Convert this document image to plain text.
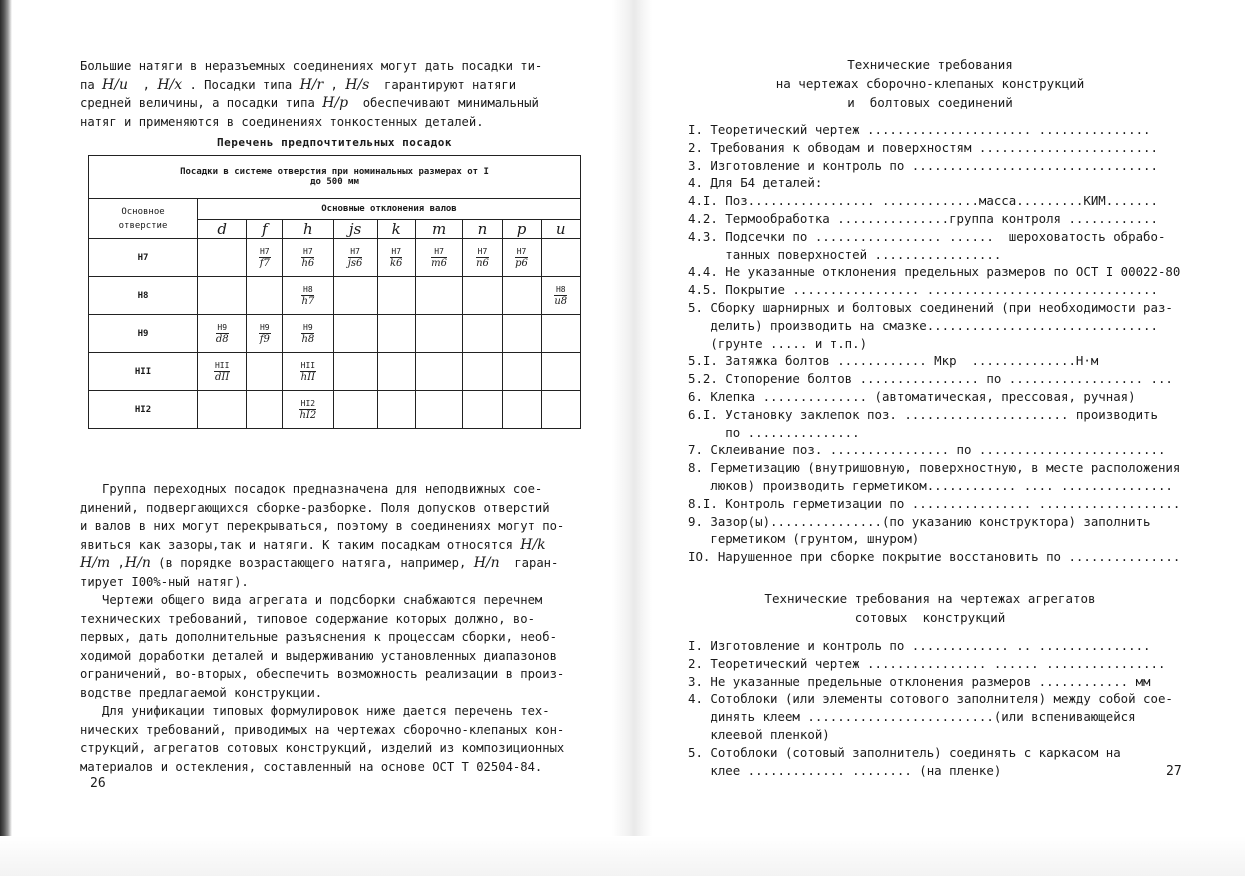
Большие натяги в неразъемных соединениях могут дать посадки ти-
па H/u  , H/x . Посадки типа H/r , H/s  гарантируют натяги
средней величины, а посадки типа H/p  обеспечивают минимальный
натяг и применяются в соединениях тонкостенных деталей.
Перечень предпочтительных посадок
Посадки в системе отверстия при номинальных размерах от I до 500 мм									

Основное
отверстие	Основные отклонения валов								
	d	f	h	js	k	m	n	p	u
H7		$\frac{H7}{f7}$	$\frac{H7}{h6}$	$\frac{H7}{js6}$	$\frac{H7}{k6}$	$\frac{H7}{m6}$	$\frac{H7}{n6}$	$\frac{H7}{p6}$

H8			$\frac{H8}{h7}$						$\frac{H8}{u8}$

H9	$\frac{H9}{d8}$	$\frac{H9}{f9}$	$\frac{H9}{h8}$

HII	$\frac{\text{HII}}{\text{dII}}$		$\frac{\text{HII}}{\text{hII}}$

HI2			$\frac{HI2}{hI2}$

Группа переходных посадок предназначена для неподвижных сое-
динений, подвергающихся сборке-разборке. Поля допусков отверстий
и валов в них могут перекрываться, поэтому в соединениях могут по-
явиться как зазоры,так и натяги. К таким посадкам относятся H/k
H/m ,H/n (в порядке возрастающего натяга, например, H/n  гаран-
тирует I00%-ный натяг).
Чертежи общего вида агрегата и подсборки снабжаются перечнем
технических требований, типовое содержание которых должно, во-
первых, дать дополнительные разъяснения к процессам сборки, необ-
ходимой доработки деталей и выдерживанию установленных диапазонов
ограничений, во-вторых, обеспечить возможность реализации в произ-
водстве предлагаемой конструкции.
Для унификации типовых формулировок ниже дается перечень тех-
нических требований, приводимых на чертежах сборочно-клепаных кон-
струкций, агрегатов сотовых конструкций, изделий из композиционных
материалов и остекления, составленный на основе ОСТ Т 02504-84.
26
Технические требования
на чертежах сборочно-клепаных конструкций
и  болтовых соединений
I. Теоретический чертеж ...................... ...............
2. Требования к обводам и поверхностям ........................
3. Изготовление и контроль по .................................
4. Для Б4 деталей:
4.I. Поз................. .............масса.........КИМ.......
4.2. Термообработка ...............группа контроля ............
4.3. Подсечки по ................. ......  шероховатость обрабо-
танных поверхностей .................
4.4. Не указанные отклонения предельных размеров по ОСТ I 00022-80
4.5. Покрытие ................. ...............................
5. Сборку шарнирных и болтовых соединений (при необходимости раз-
делить) производить на смазке...............................
(грунте ..... и т.п.)
5.I. Затяжка болтов ............ Mкр  ..............Н·м
5.2. Стопорение болтов ................ по .................. ...
6. Клепка .............. (автоматическая, прессовая, ручная)
6.I. Установку заклепок поз. ...................... производить
по ...............
7. Склеивание поз. ................ по .........................
8. Герметизацию (внутришовную, поверхностную, в месте расположения
люков) производить герметиком............ .... ...............
8.I. Контроль герметизации по ................ ...................
9. Зазор(ы)...............(по указанию конструктора) заполнить
герметиком (грунтом, шнуром)
IO. Нарушенное при сборке покрытие восстановить по ...............
Технические требования на чертежах агрегатов
сотовых  конструкций
I. Изготовление и контроль по ............. .. ...............
2. Теоретический чертеж ................ ...... ................
3. Не указанные предельные отклонения размеров ............ мм
4. Сотоблоки (или элементы сотового заполнителя) между собой сое-
динять клеем .........................(или вспенивающейся
клеевой пленкой)
5. Сотоблоки (сотовый заполнитель) соединять с каркасом на
клее ............. ........ (на пленке)	27
